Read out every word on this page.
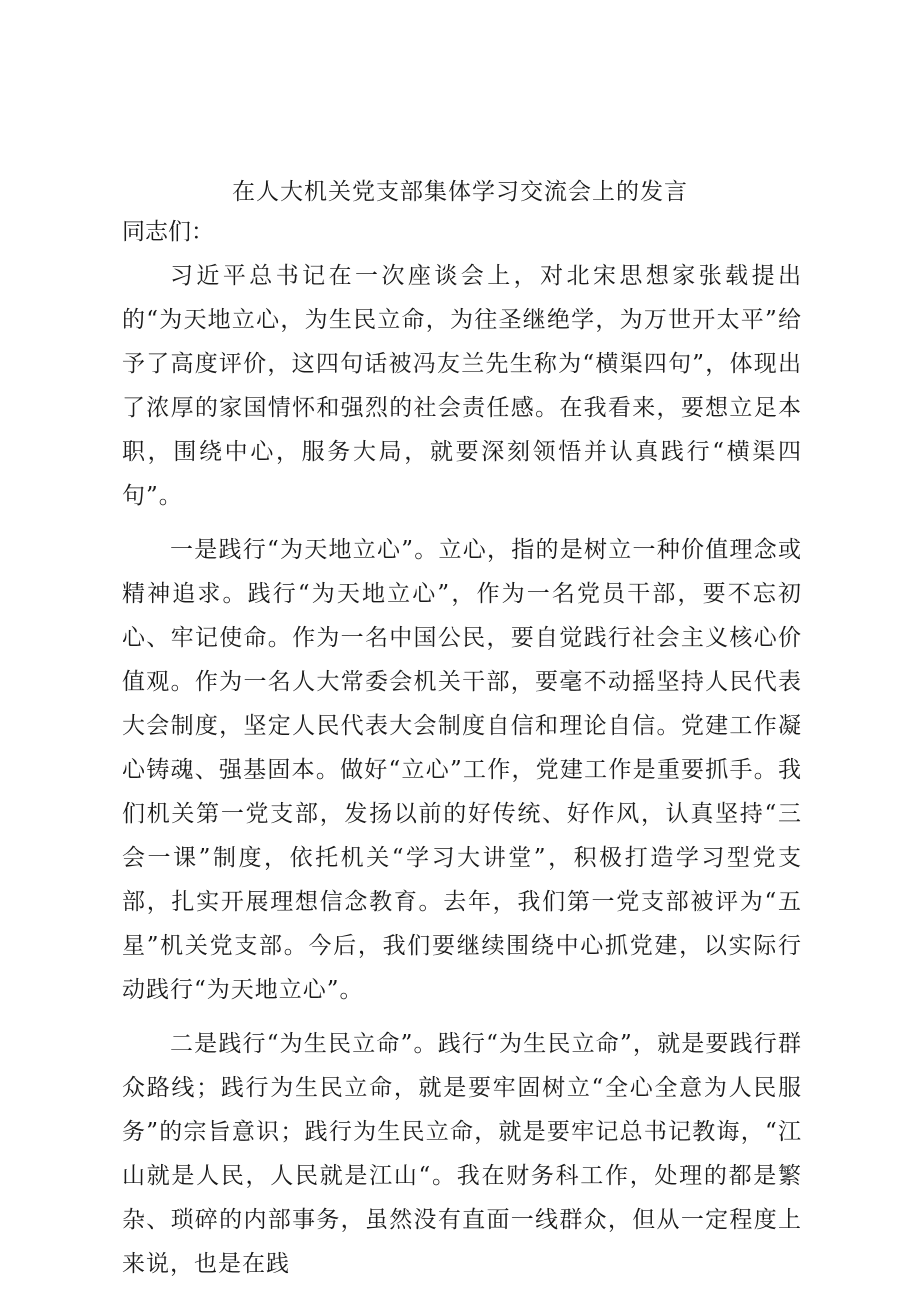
在人大机关党支部集体学习交流会上的发言

同志们：

习近平总书记在一次座谈会上，对北宋思想家张载提出的“为天地立心，为生民立命，为往圣继绝学，为万世开太平”给予了高度评价，这四句话被冯友兰先生称为“横渠四句”，体现出了浓厚的家国情怀和强烈的社会责任感。在我看来，要想立足本职，围绕中心，服务大局，就要深刻领悟并认真践行“横渠四句”。

一是践行“为天地立心”。立心，指的是树立一种价值理念或精神追求。践行“为天地立心”，作为一名党员干部，要不忘初心、牢记使命。作为一名中国公民，要自觉践行社会主义核心价值观。作为一名人大常委会机关干部，要毫不动摇坚持人民代表大会制度，坚定人民代表大会制度自信和理论自信。党建工作凝心铸魂、强基固本。做好“立心”工作，党建工作是重要抓手。我们机关第一党支部，发扬以前的好传统、好作风，认真坚持“三会一课”制度，依托机关“学习大讲堂”，积极打造学习型党支部，扎实开展理想信念教育。去年，我们第一党支部被评为“五星”机关党支部。今后，我们要继续围绕中心抓党建，以实际行动践行“为天地立心”。

二是践行“为生民立命”。践行“为生民立命”，就是要践行群众路线；践行为生民立命，就是要牢固树立“全心全意为人民服务”的宗旨意识；践行为生民立命，就是要牢记总书记教诲，“江山就是人民，人民就是江山“。我在财务科工作，处理的都是繁杂、琐碎的内部事务，虽然没有直面一线群众，但从一定程度上来说，也是在践
